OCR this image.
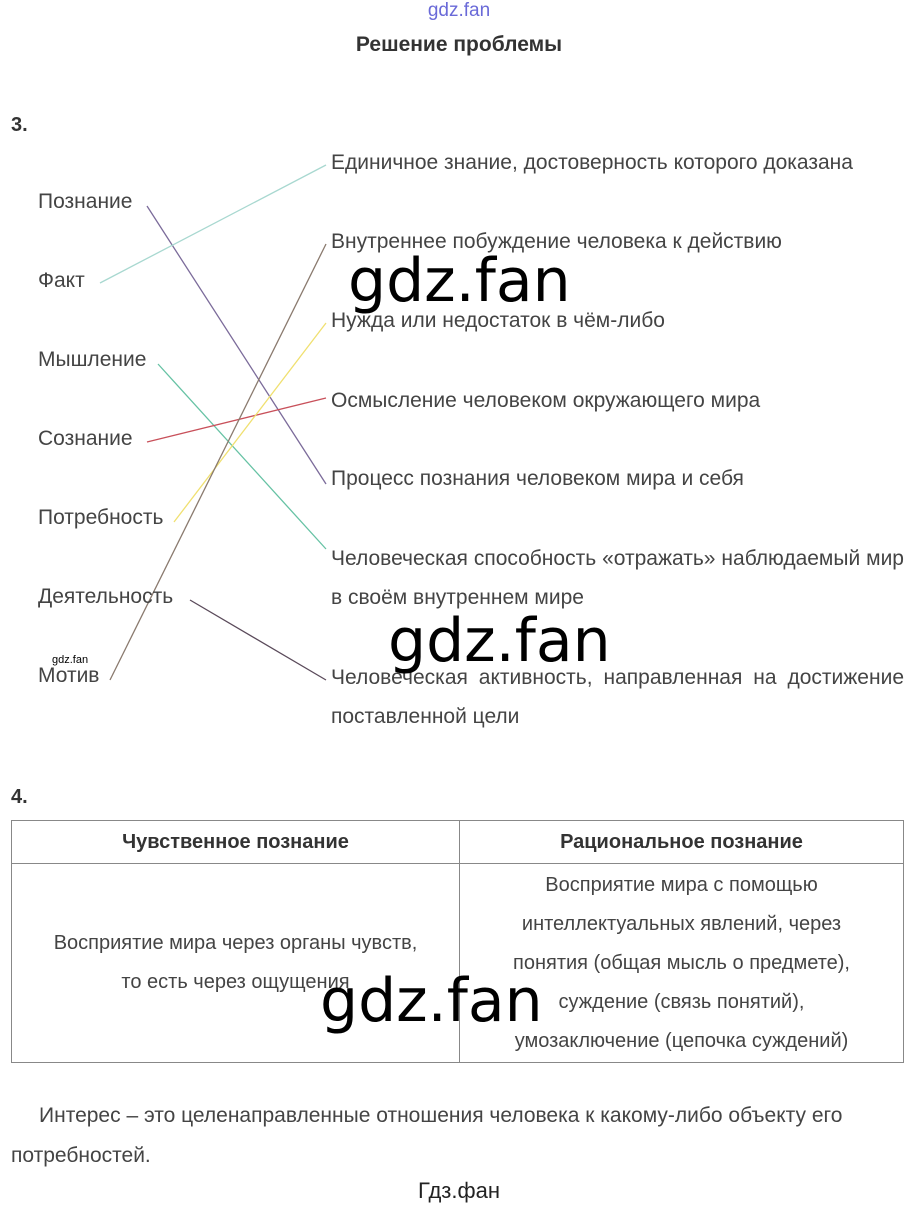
gdz.fan
Решение проблемы
3.
Познание
Факт
Мышление
Сознание
Потребность
Деятельность
Мотив
gdz.fan
Единичное знание, достоверность которого доказана
Внутреннее побуждение человека к действию
Нужда или недостаток в чём-либо
Осмысление человеком окружающего мира
Процесс познания человеком мира и себя
Человеческая способность «отражать» наблюдаемый мир в своём внутреннем мире
Человеческая активность, направленная на достижение поставленной цели
gdz.fan
gdz.fan
4.
Чувственное познание	Рациональное познание

Восприятие мира через органы чувств,
то есть через ощущения	Восприятие мира с помощью
интеллектуальных явлений, через
понятия (общая мысль о предмете),
суждение (связь понятий),
умозаключение (цепочка суждений)
gdz.fan
Интерес – это целенаправленные отношения человека к какому-либо объекту его потребностей.
Гдз.фан
